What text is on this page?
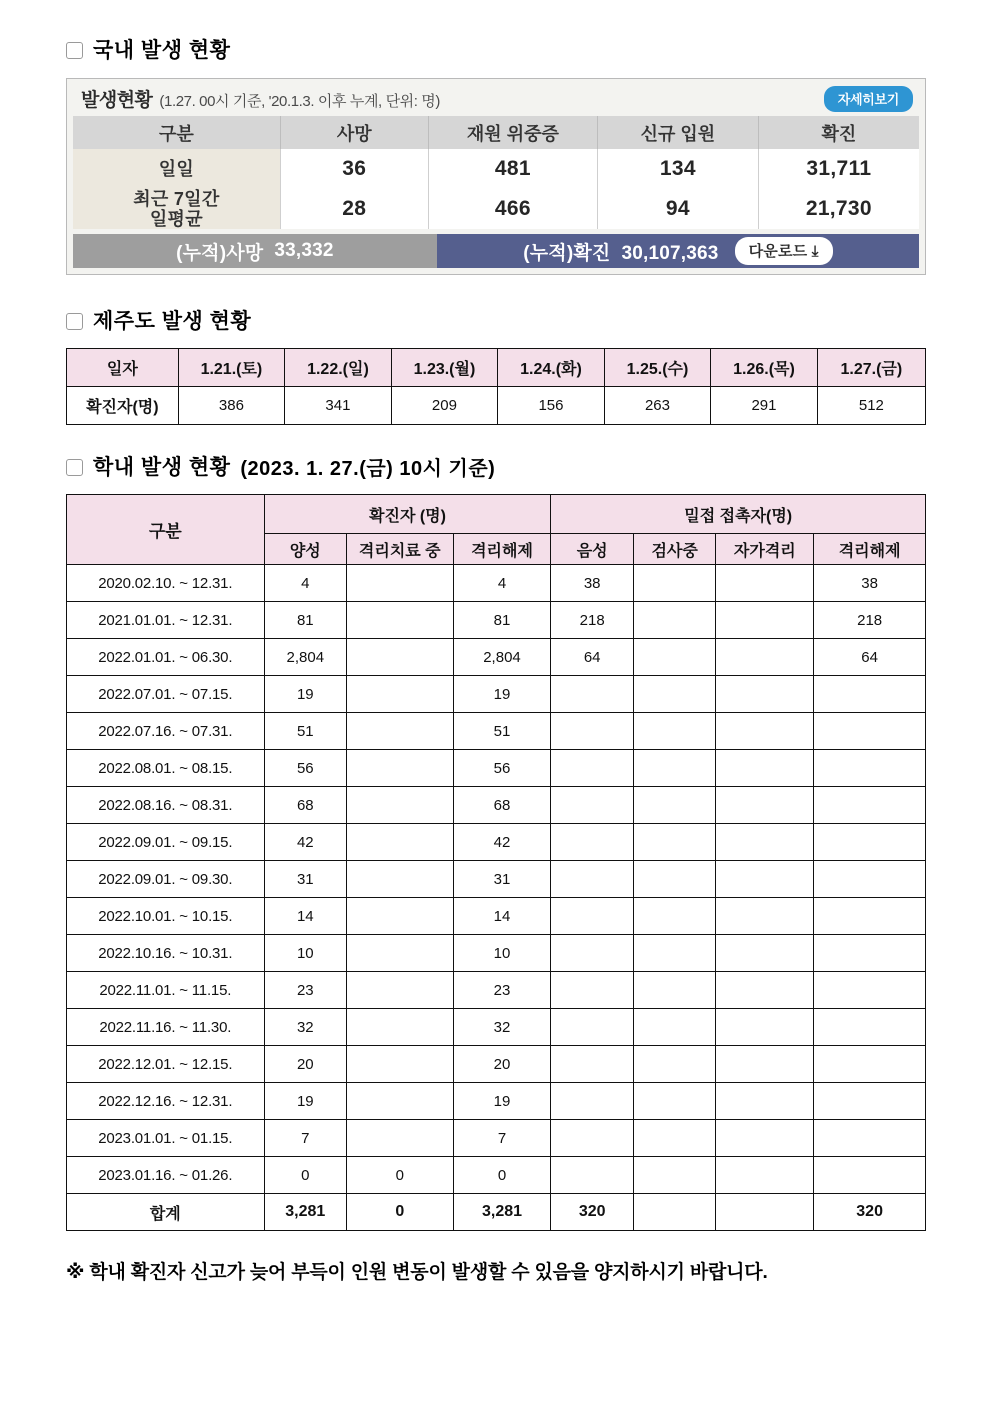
국내 발생 현황
발생현황 (1.27. 00시 기준, '20.1.3. 이후 누계, 단위: 명)	자세히보기
구분	사망	재원 위중증	신규 입원	확진
일일	36	481	134	31,711
최근 7일간
일평균	28	466	94	21,730
(누적)사망
33,332	(누적)확진 30,107,363	다운로드 ⤓
제주도 발생 현황
일자	1.21.(토)	1.22.(일)	1.23.(월)	1.24.(화)	1.25.(수)	1.26.(목)	1.27.(금)
확진자(명)	386	341	209	156	263	291	512
학내 발생 현황 (2023. 1. 27.(금) 10시 기준)
구분	확진자 (명)			밀접 접촉자(명)			
	양성	격리치료 중	격리해제	음성	검사중	자가격리	격리해제
2020.02.10. ~ 12.31.	4		4	38			38
2021.01.01. ~ 12.31.	81		81	218			218
2022.01.01. ~ 06.30.	2,804		2,804	64			64
2022.07.01. ~ 07.15.	19		19				
2022.07.16. ~ 07.31.	51		51				
2022.08.01. ~ 08.15.	56		56				
2022.08.16. ~ 08.31.	68		68				
2022.09.01. ~ 09.15.	42		42				
2022.09.01. ~ 09.30.	31		31				
2022.10.01. ~ 10.15.	14		14				
2022.10.16. ~ 10.31.	10		10				
2022.11.01. ~ 11.15.	23		23				
2022.11.16. ~ 11.30.	32		32				
2022.12.01. ~ 12.15.	20		20				
2022.12.16. ~ 12.31.	19		19				
2023.01.01. ~ 01.15.	7		7				
2023.01.16. ~ 01.26.	0	0	0				
합계	3,281	0	3,281	320			320
※ 학내 확진자 신고가 늦어 부득이 인원 변동이 발생할 수 있음을 양지하시기 바랍니다.
